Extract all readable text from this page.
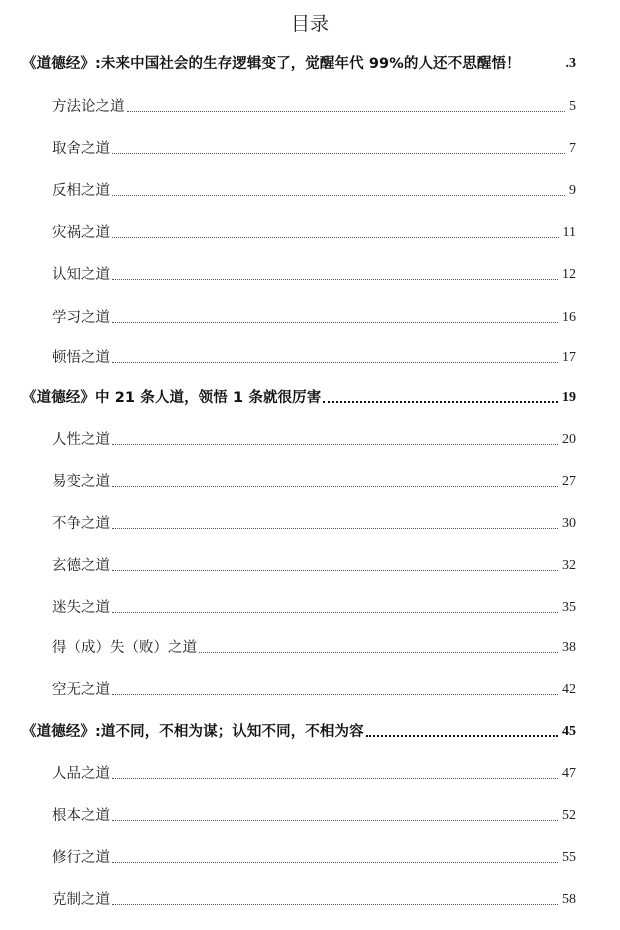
目录
《道德经》:未来中国社会的生存逻辑变了，觉醒年代 99%的人还不思醒悟！	.3
方法论之道	5
取舍之道	7
反相之道	9
灾祸之道	11
认知之道	12
学习之道	16
顿悟之道	17
《道德经》中 21 条人道，领悟 1 条就很厉害	19
人性之道	20
易变之道	27
不争之道	30
玄德之道	32
迷失之道	35
得（成）失（败）之道	38
空无之道	42
《道德经》:道不同，不相为谋；认知不同，不相为容	45
人品之道	47
根本之道	52
修行之道	55
克制之道	58
